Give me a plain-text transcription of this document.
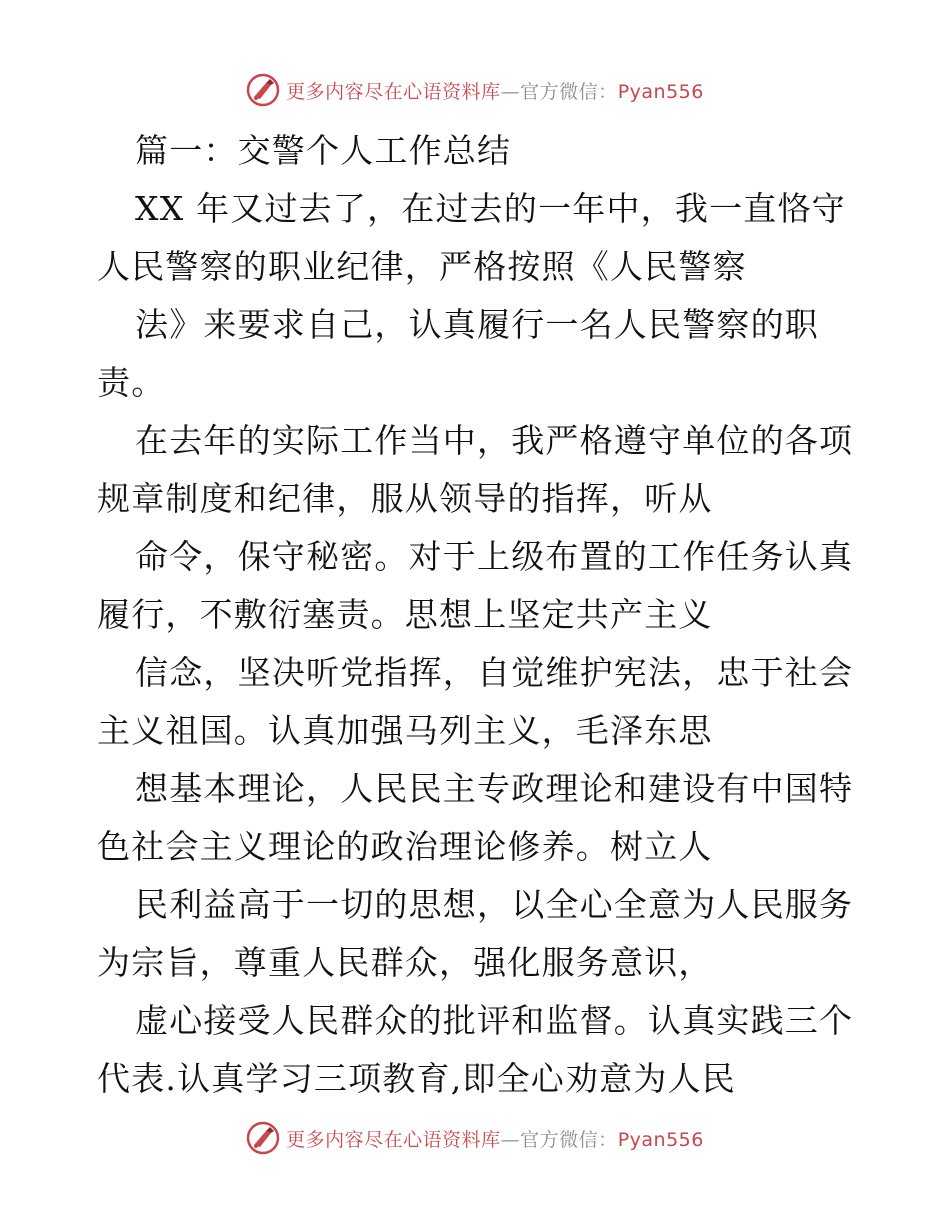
更多内容尽在心语资料库—官方微信：Pyan556
篇一：交警个人工作总结
XX 年又过去了，在过去的一年中，我一直恪守
人民警察的职业纪律，严格按照《人民警察
法》来要求自己，认真履行一名人民警察的职
责。
在去年的实际工作当中，我严格遵守单位的各项
规章制度和纪律，服从领导的指挥，听从
命令，保守秘密。对于上级布置的工作任务认真
履行，不敷衍塞责。思想上坚定共产主义
信念，坚决听党指挥，自觉维护宪法，忠于社会
主义祖国。认真加强马列主义，毛泽东思
想基本理论，人民民主专政理论和建设有中国特
色社会主义理论的政治理论修养。树立人
民利益高于一切的思想，以全心全意为人民服务
为宗旨，尊重人民群众，强化服务意识，
虚心接受人民群众的批评和监督。认真实践三个
代表.认真学习三项教育,即全心劝意为人民
更多内容尽在心语资料库—官方微信：Pyan556
